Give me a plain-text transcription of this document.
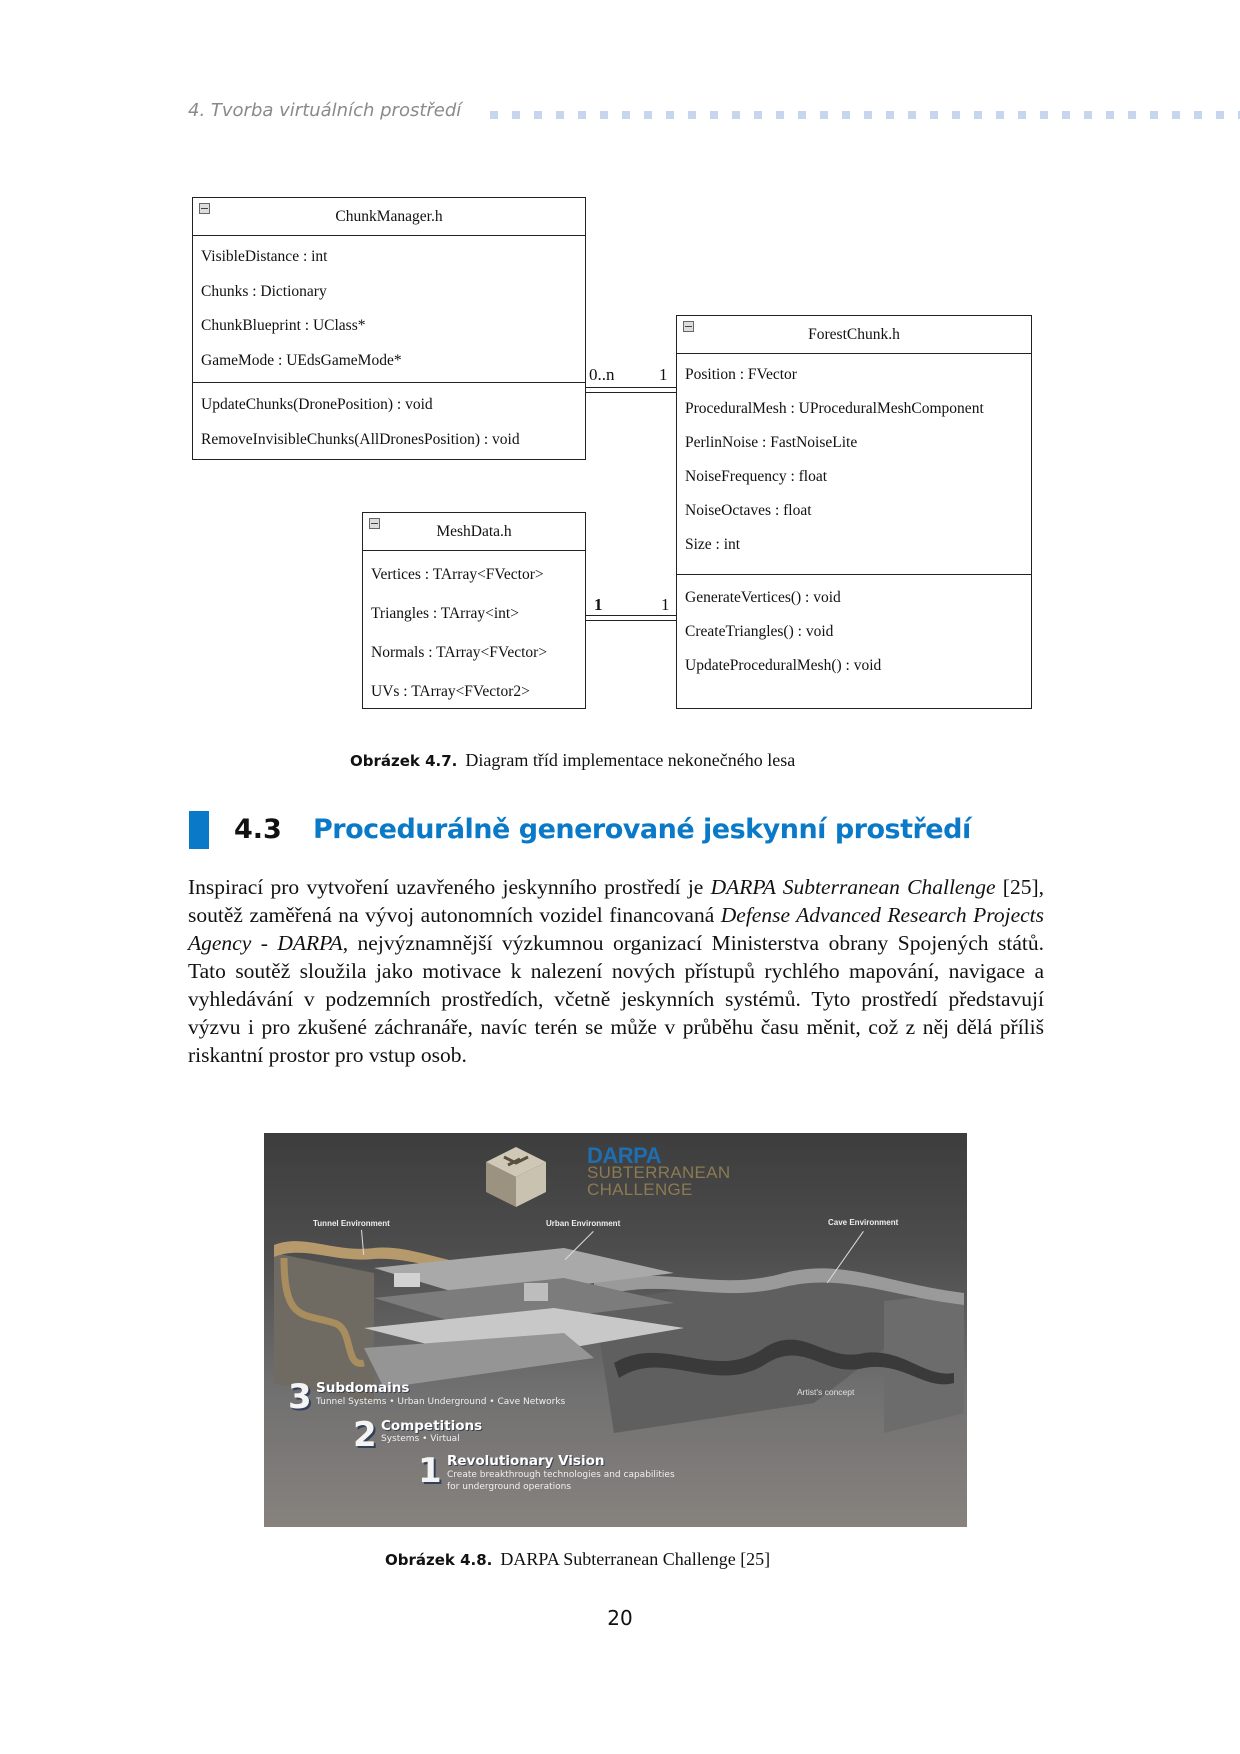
4. Tvorba virtuálních prostředí
ChunkManager.h
VisibleDistance : int
Chunks : Dictionary
ChunkBlueprint : UClass*
GameMode : UEdsGameMode*
UpdateChunks(DronePosition) : void
RemoveInvisibleChunks(AllDronesPosition) : void
ForestChunk.h
Position : FVector
ProceduralMesh : UProceduralMeshComponent
PerlinNoise : FastNoiseLite
NoiseFrequency : float
NoiseOctaves : float
Size : int
GenerateVertices() : void
CreateTriangles() : void
UpdateProceduralMesh() : void
MeshData.h
Vertices : TArray<FVector>
Triangles : TArray<int>
Normals : TArray<FVector>
UVs : TArray<FVector2>
0..n	1
1	1
Obrázek 4.7. Diagram tříd implementace nekonečného lesa
4.3 Procedurálně generované jeskynní prostředí
Inspirací pro vytvoření uzavřeného jeskynního prostředí je DARPA Subterranean Challenge [25], soutěž zaměřená na vývoj autonomních vozidel financovaná Defense Advanced Research Projects Agency - DARPA, nejvýznamnější výzkumnou organizací Ministerstva obrany Spojených států. Tato soutěž sloužila jako motivace k nalezení nových přístupů rychlého mapování, navigace a vyhledávání v podzemních prostředích, včetně jeskynních systémů. Tyto prostředí představují výzvu i pro zkušené záchranáře, navíc terén se může v průběhu času měnit, což z něj dělá příliš riskantní prostor pro vstup osob.
DARPA
SUBTERRANEAN
CHALLENGE
Tunnel Environment	Urban Environment	Cave Environment
Artist's concept
3 Subdomains
Tunnel Systems • Urban Underground • Cave Networks
2 Competitions
Systems • Virtual
1 Revolutionary Vision
Create breakthrough technologies and capabilities
for underground operations
Obrázek 4.8. DARPA Subterranean Challenge [25]
20
